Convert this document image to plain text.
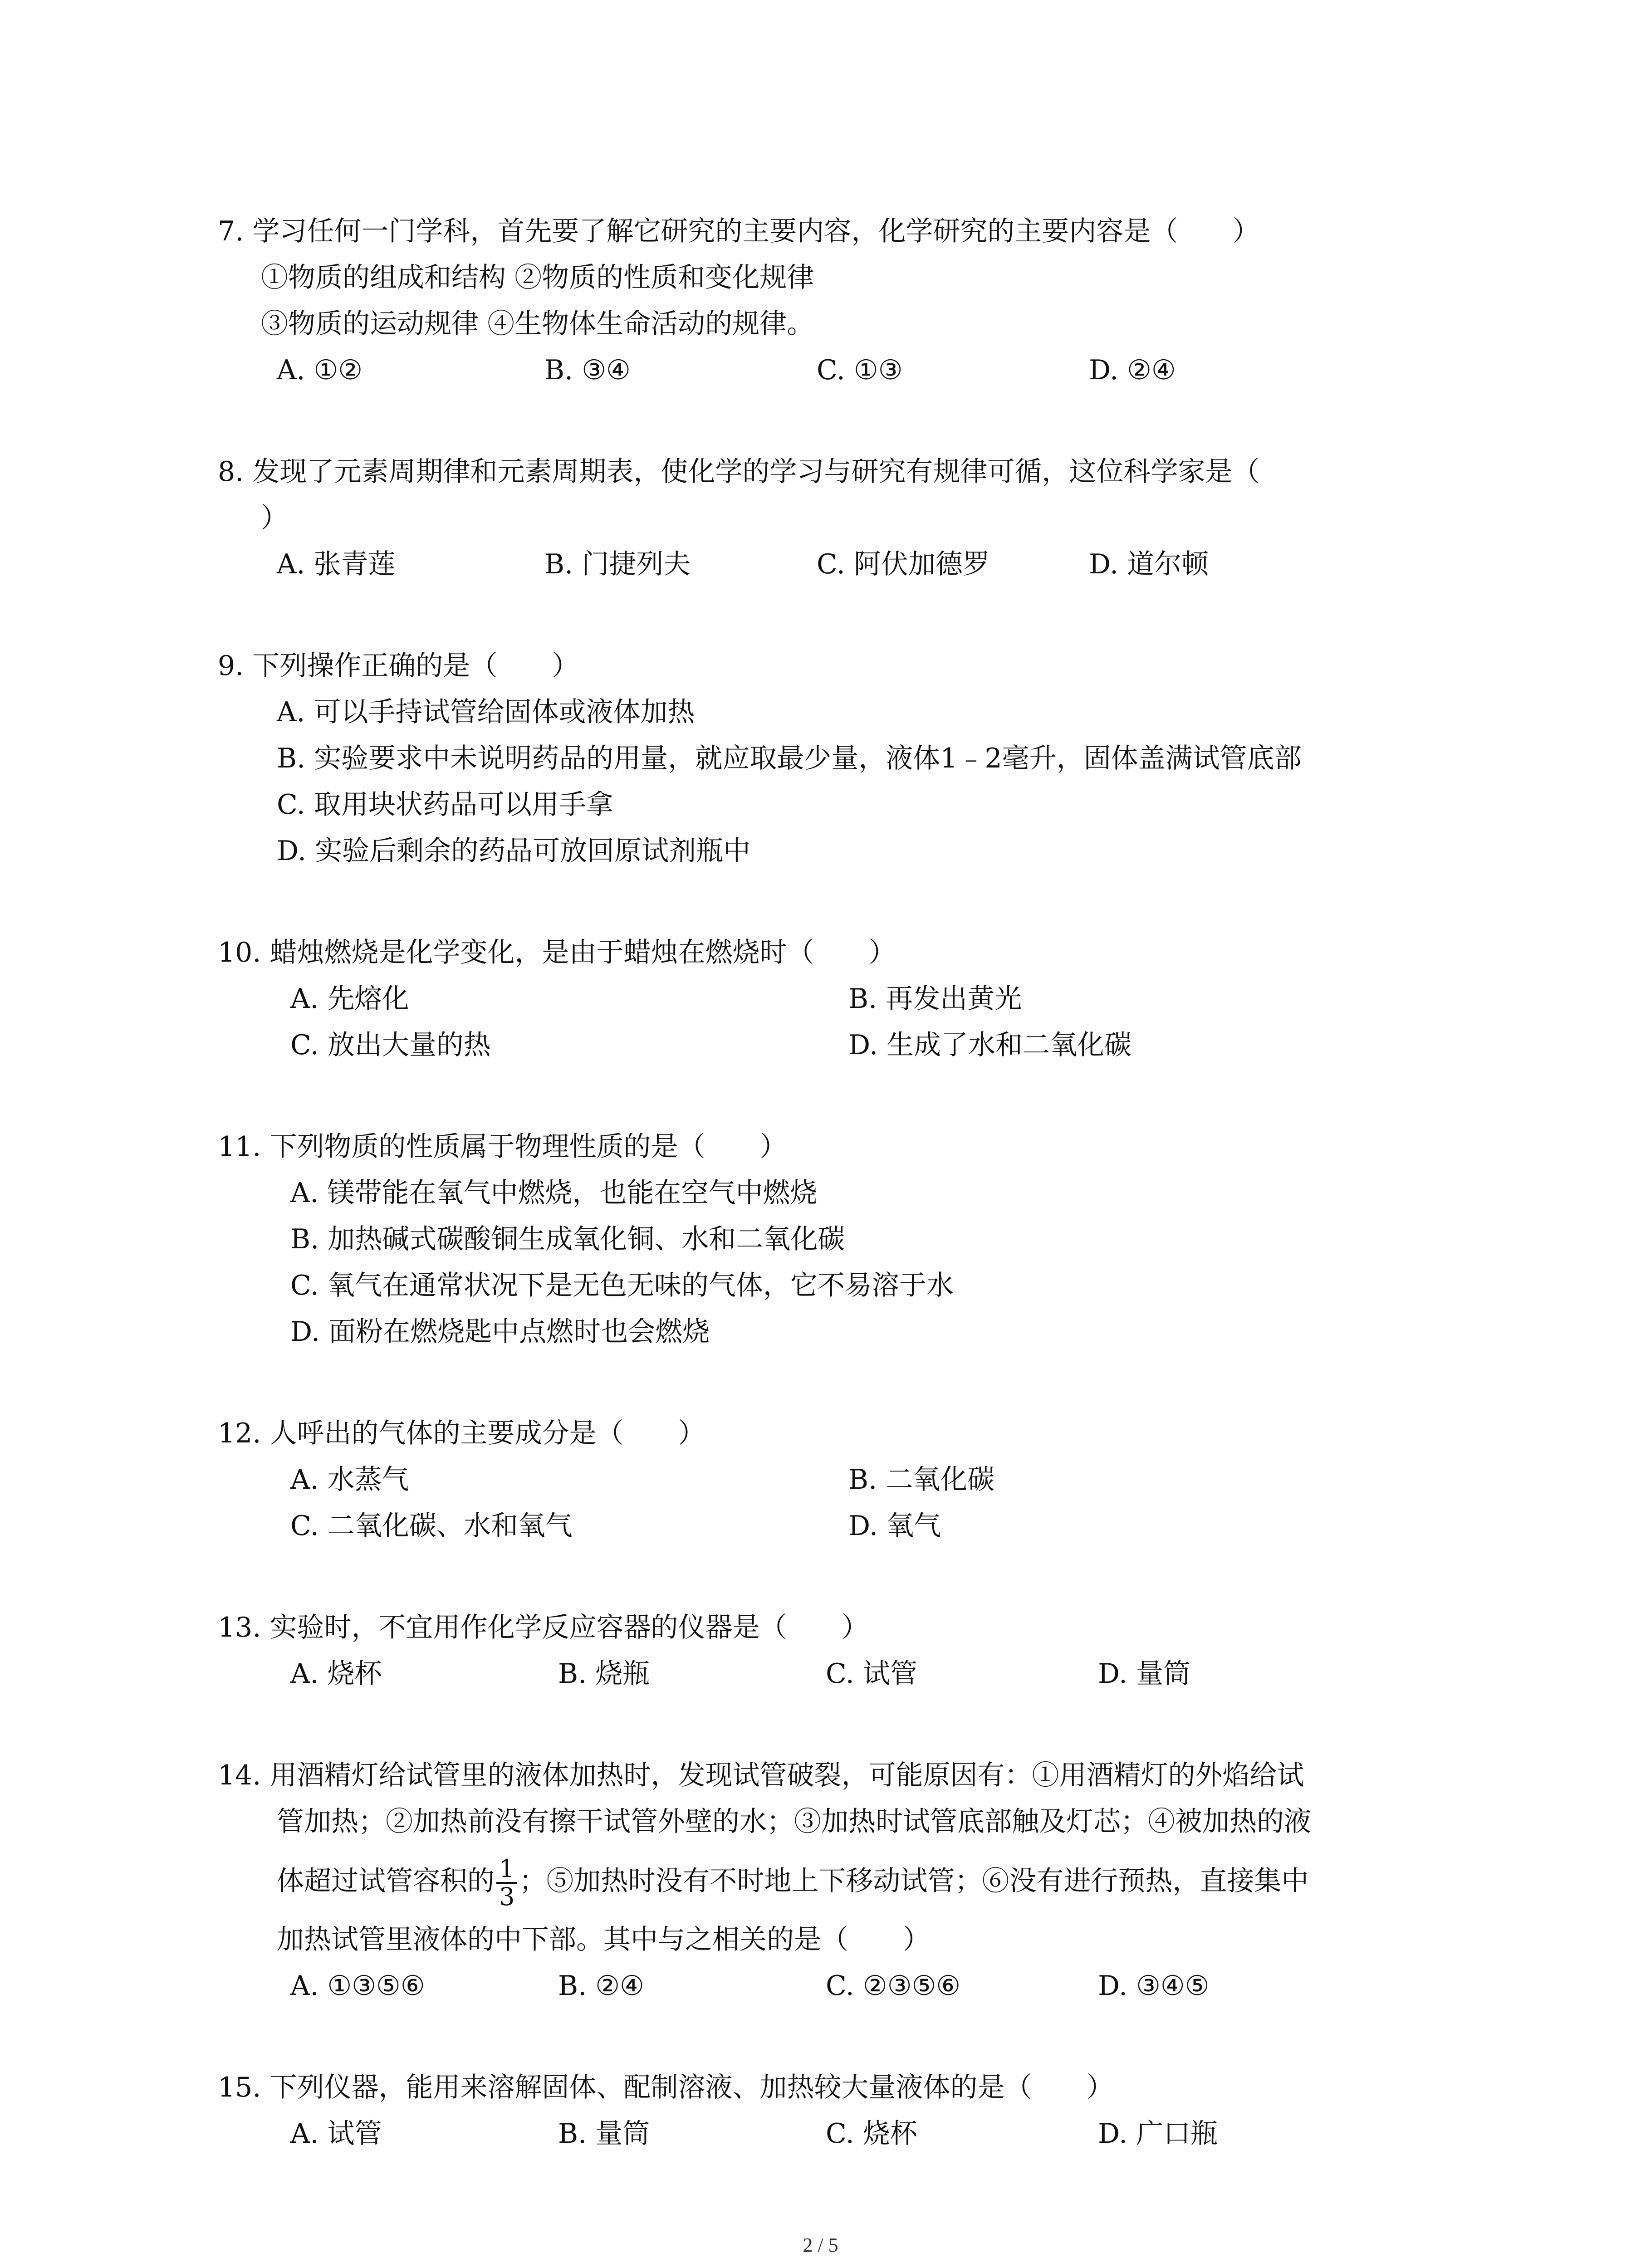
7. 学习任何一门学科，首先要了解它研究的主要内容，化学研究的主要内容是（　　）
①物质的组成和结构 ②物质的性质和变化规律
③物质的运动规律 ④生物体生命活动的规律。
A. ①②	B. ③④	C. ①③	D. ②④
8. 发现了元素周期律和元素周期表，使化学的学习与研究有规律可循，这位科学家是（
）
A. 张青莲	B. 门捷列夫	C. 阿伏加德罗	D. 道尔顿
9. 下列操作正确的是（　　）
A. 可以手持试管给固体或液体加热
B. 实验要求中未说明药品的用量，就应取最少量，液体1﹣2毫升，固体盖满试管底部
C. 取用块状药品可以用手拿
D. 实验后剩余的药品可放回原试剂瓶中
10. 蜡烛燃烧是化学变化，是由于蜡烛在燃烧时（　　）
A. 先熔化	B. 再发出黄光
C. 放出大量的热	D. 生成了水和二氧化碳
11. 下列物质的性质属于物理性质的是（　　）
A. 镁带能在氧气中燃烧，也能在空气中燃烧
B. 加热碱式碳酸铜生成氧化铜、水和二氧化碳
C. 氧气在通常状况下是无色无味的气体，它不易溶于水
D. 面粉在燃烧匙中点燃时也会燃烧
12. 人呼出的气体的主要成分是（　　）
A. 水蒸气	B. 二氧化碳
C. 二氧化碳、水和氧气	D. 氧气
13. 实验时，不宜用作化学反应容器的仪器是（　　）
A. 烧杯	B. 烧瓶	C. 试管	D. 量筒
14. 用酒精灯给试管里的液体加热时，发现试管破裂，可能原因有：①用酒精灯的外焰给试
管加热；②加热前没有擦干试管外壁的水；③加热时试管底部触及灯芯；④被加热的液
体超过试管容积的 $\frac{1}{3}$ ；⑤加热时没有不时地上下移动试管；⑥没有进行预热，直接集中
加热试管里液体的中下部。其中与之相关的是（　　）
A. ①③⑤⑥	B. ②④	C. ②③⑤⑥	D. ③④⑤
15. 下列仪器，能用来溶解固体、配制溶液、加热较大量液体的是（　　）
A. 试管	B. 量筒	C. 烧杯	D. 广口瓶
2 / 5
